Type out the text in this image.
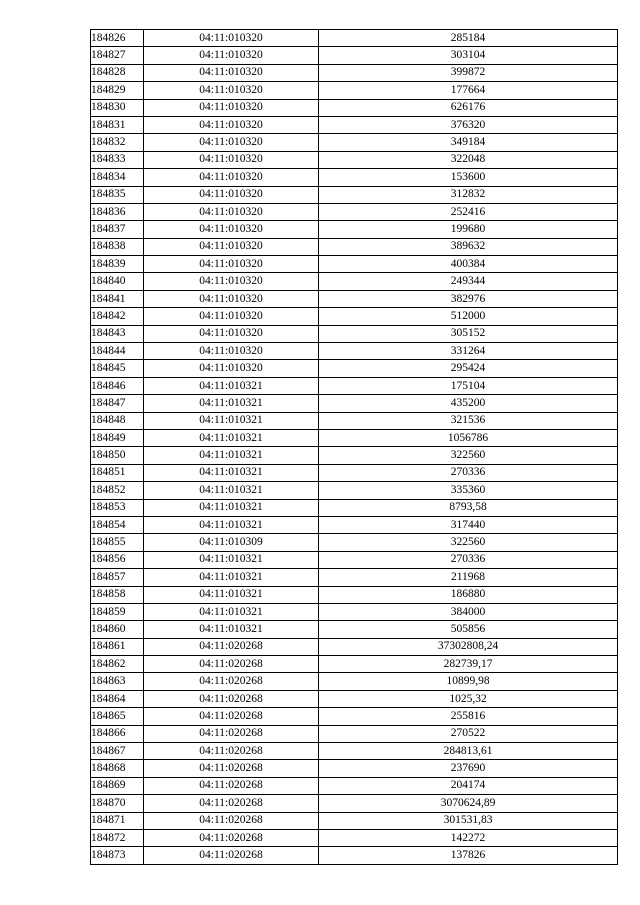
184826	04:11:010320	285184
184827	04:11:010320	303104
184828	04:11:010320	399872
184829	04:11:010320	177664
184830	04:11:010320	626176
184831	04:11:010320	376320
184832	04:11:010320	349184
184833	04:11:010320	322048
184834	04:11:010320	153600
184835	04:11:010320	312832
184836	04:11:010320	252416
184837	04:11:010320	199680
184838	04:11:010320	389632
184839	04:11:010320	400384
184840	04:11:010320	249344
184841	04:11:010320	382976
184842	04:11:010320	512000
184843	04:11:010320	305152
184844	04:11:010320	331264
184845	04:11:010320	295424
184846	04:11:010321	175104
184847	04:11:010321	435200
184848	04:11:010321	321536
184849	04:11:010321	1056786
184850	04:11:010321	322560
184851	04:11:010321	270336
184852	04:11:010321	335360
184853	04:11:010321	8793,58
184854	04:11:010321	317440
184855	04:11:010309	322560
184856	04:11:010321	270336
184857	04:11:010321	211968
184858	04:11:010321	186880
184859	04:11:010321	384000
184860	04:11:010321	505856
184861	04:11:020268	37302808,24
184862	04:11:020268	282739,17
184863	04:11:020268	10899,98
184864	04:11:020268	1025,32
184865	04:11:020268	255816
184866	04:11:020268	270522
184867	04:11:020268	284813,61
184868	04:11:020268	237690
184869	04:11:020268	204174
184870	04:11:020268	3070624,89
184871	04:11:020268	301531,83
184872	04:11:020268	142272
184873	04:11:020268	137826
